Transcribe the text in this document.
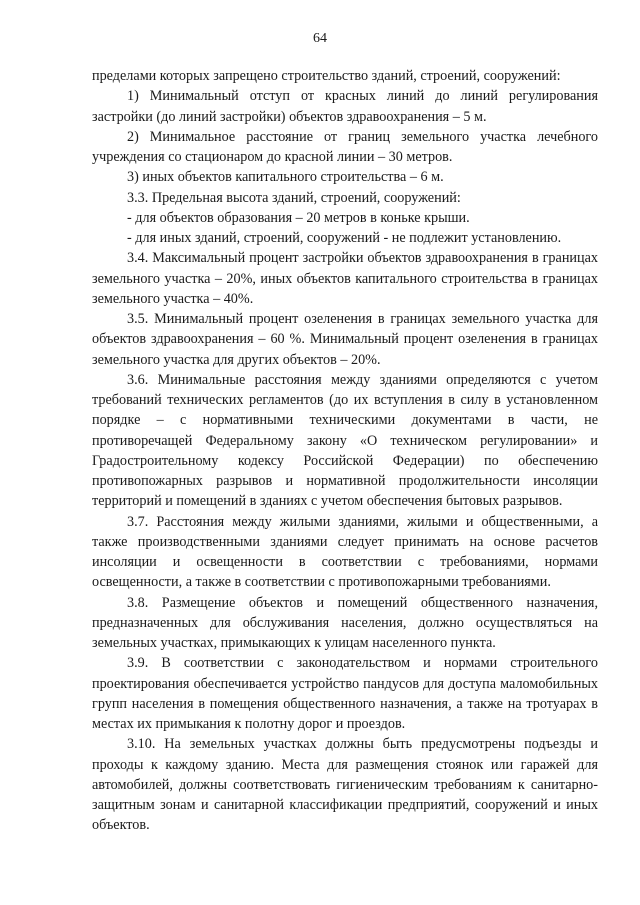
64

пределами которых запрещено строительство зданий, строений, сооружений:

1) Минимальный отступ от красных линий до линий регулирования застройки (до линий застройки) объектов здравоохранения – 5 м.

2) Минимальное расстояние от границ земельного участка лечебного учреждения со стационаром до красной линии – 30 метров.

3) иных объектов капитального строительства – 6 м.

3.3. Предельная высота зданий, строений, сооружений:

- для объектов образования – 20 метров в коньке крыши.

- для иных зданий, строений, сооружений - не подлежит установлению.

3.4. Максимальный процент застройки объектов здравоохранения в границах земельного участка – 20%, иных объектов капитального строительства в границах земельного участка – 40%.

3.5. Минимальный процент озеленения в границах земельного участка для объектов здравоохранения – 60 %. Минимальный процент озеленения в границах земельного участка для других объектов – 20%.

3.6. Минимальные расстояния между зданиями определяются с учетом требований технических регламентов (до их вступления в силу в установленном порядке – с нормативными техническими документами в части, не противоречащей Федеральному закону «О техническом регулировании» и Градостроительному кодексу Российской Федерации) по обеспечению противопожарных разрывов и нормативной продолжительности инсоляции территорий и помещений в зданиях с учетом обеспечения бытовых разрывов.

3.7. Расстояния между жилыми зданиями, жилыми и общественными, а также производственными зданиями следует принимать на основе расчетов инсоляции и освещенности в соответствии с требованиями, нормами освещенности, а также в соответствии с противопожарными требованиями.

3.8. Размещение объектов и помещений общественного назначения, предназначенных для обслуживания населения, должно осуществляться на земельных участках, примыкающих к улицам населенного пункта.

3.9. В соответствии с законодательством и нормами строительного проектирования обеспечивается устройство пандусов для доступа маломобильных групп населения в помещения общественного назначения, а также на тротуарах в местах их примыкания к полотну дорог и проездов.

3.10. На земельных участках должны быть предусмотрены подъезды и проходы к каждому зданию. Места для размещения стоянок или гаражей для автомобилей, должны соответствовать гигиеническим требованиям к санитарно-защитным зонам и санитарной классификации предприятий, сооружений и иных объектов.
